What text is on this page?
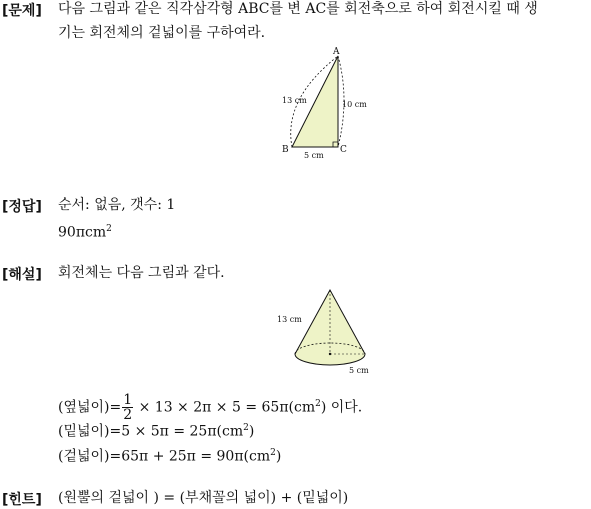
[문제] 다음 그림과 같은 직각삼각형 ABC를 변 AC를 회전축으로 하여 회전시킬 때 생
기는 회전체의 겉넓이를 구하여라.
A
B	C
13 cm	10 cm
5 cm
[정답] 순서: 없음, 갯수: 1
90πcm$^2$
[해설] 회전체는 다음 그림과 같다.
13 cm
5 cm
(옆넓이)= $\frac{1}{2} \times 13 \times 2\pi \times 5 = 65\pi(cm^2)$ 이다.
(밑넓이)$=5 \times 5\pi = 25\pi(cm^2)$
(겉넓이)$=65\pi + 25\pi = 90\pi(cm^2)$
[힌트] (원뿔의 겉넓이 ) = (부채꼴의 넓이) + (밑넓이)
